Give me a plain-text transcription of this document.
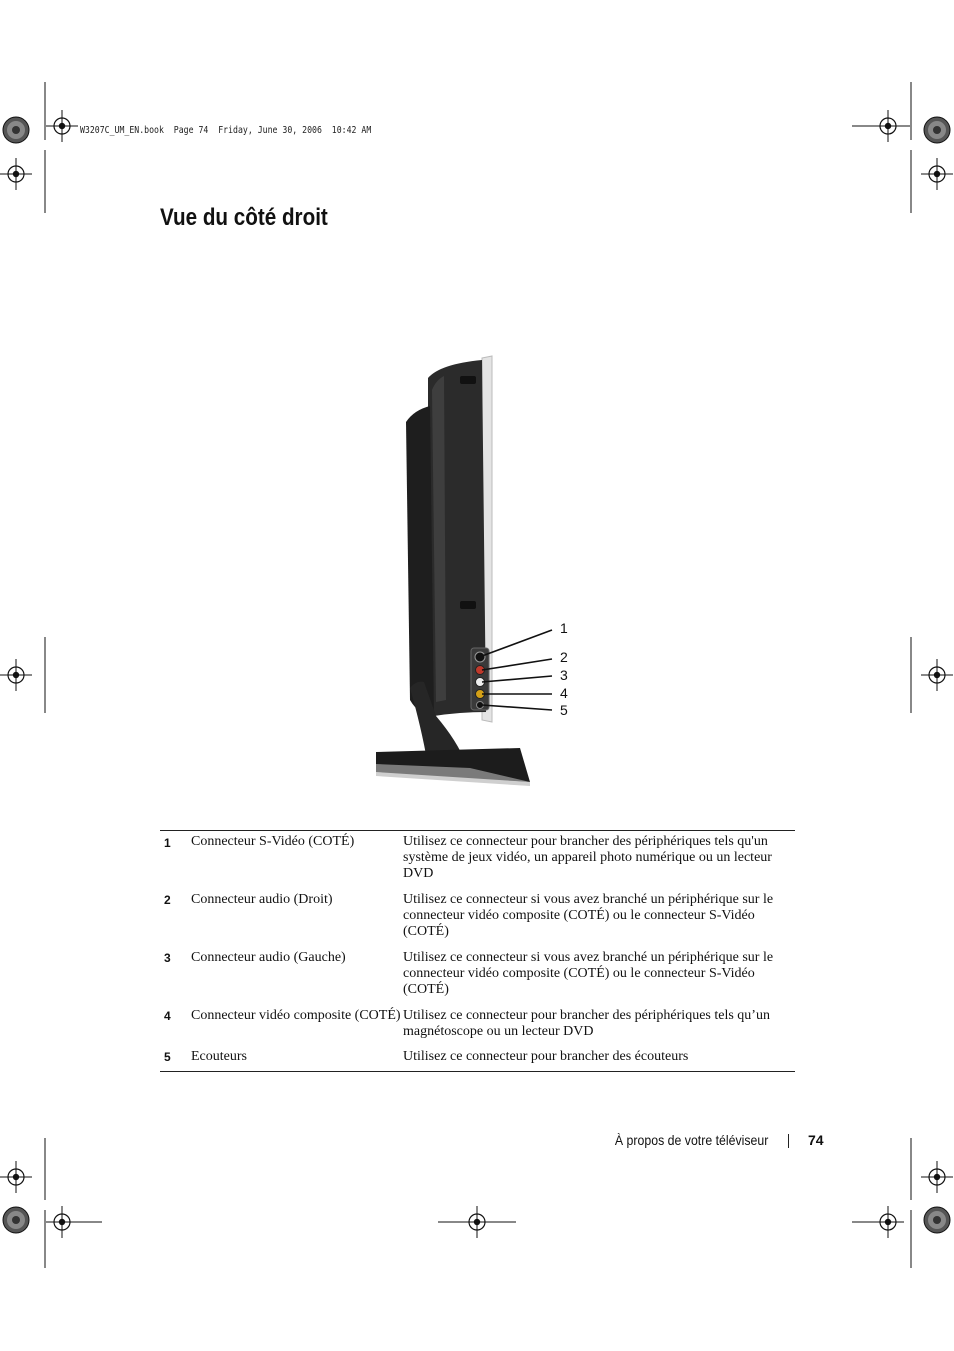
W3207C_UM_EN.book  Page 74  Friday, June 30, 2006  10:42 AM
Vue du côté droit
1
2
3
4
5
1	Connecteur S-Vidéo (COTÉ)	Utilisez ce connecteur pour brancher des périphériques tels qu'un système de jeux vidéo, un appareil photo numérique ou un lecteur DVD
2	Connecteur audio (Droit)	Utilisez ce connecteur si vous avez branché un périphérique sur le connecteur vidéo composite (COTÉ) ou le connecteur S-Vidéo (COTÉ)
3	Connecteur audio (Gauche)	Utilisez ce connecteur si vous avez branché un périphérique sur le connecteur vidéo composite (COTÉ) ou le connecteur S-Vidéo (COTÉ)
4	Connecteur vidéo composite (COTÉ)	Utilisez ce connecteur pour brancher des périphériques tels qu’un magnétoscope ou un lecteur DVD
5	Ecouteurs	Utilisez ce connecteur pour brancher des écouteurs
À propos de votre téléviseur	74
